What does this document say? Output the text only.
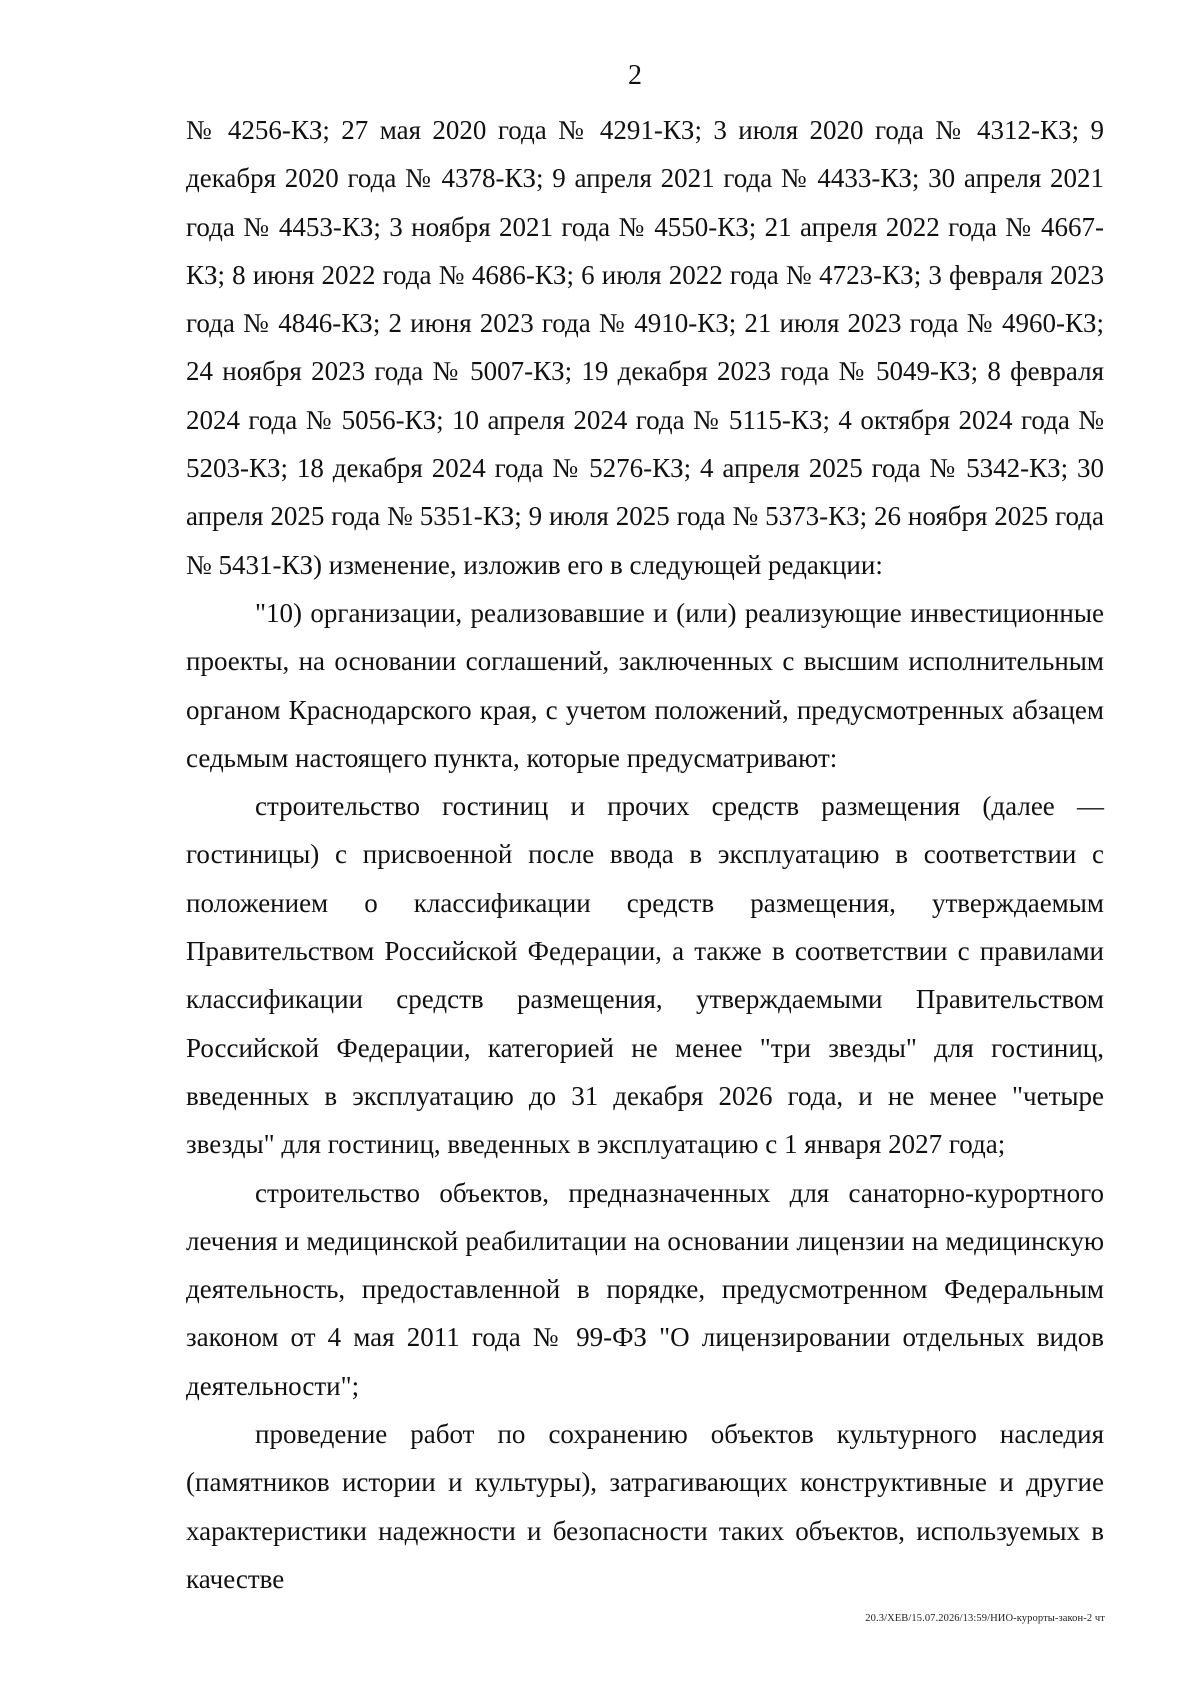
2

№ 4256-КЗ; 27 мая 2020 года № 4291-КЗ; 3 июля 2020 года № 4312-КЗ; 9 декабря 2020 года № 4378-КЗ; 9 апреля 2021 года № 4433-КЗ; 30 апреля 2021 года № 4453-КЗ; 3 ноября 2021 года № 4550-КЗ; 21 апреля 2022 года № 4667-КЗ; 8 июня 2022 года № 4686-КЗ; 6 июля 2022 года № 4723-КЗ; 3 февраля 2023 года № 4846-КЗ; 2 июня 2023 года № 4910-КЗ; 21 июля 2023 года № 4960-КЗ; 24 ноября 2023 года № 5007-КЗ; 19 декабря 2023 года № 5049-КЗ; 8 февраля 2024 года № 5056-КЗ; 10 апреля 2024 года № 5115-КЗ; 4 октября 2024 года № 5203-КЗ; 18 декабря 2024 года № 5276-КЗ; 4 апреля 2025 года № 5342-КЗ; 30 апреля 2025 года № 5351-КЗ; 9 июля 2025 года № 5373-КЗ; 26 ноября 2025 года № 5431-КЗ) изменение, изложив его в следующей редакции:

"10) организации, реализовавшие и (или) реализующие инвестиционные проекты, на основании соглашений, заключенных с высшим исполнительным органом Краснодарского края, с учетом положений, предусмотренных абзацем седьмым настоящего пункта, которые предусматривают:

строительство гостиниц и прочих средств размещения (далее — гостиницы) с присвоенной после ввода в эксплуатацию в соответствии с положением о классификации средств размещения, утверждаемым Правительством Российской Федерации, а также в соответствии с правилами классификации средств размещения, утверждаемыми Правительством Российской Федерации, категорией не менее "три звезды" для гостиниц, введенных в эксплуатацию до 31 декабря 2026 года, и не менее "четыре звезды" для гостиниц, введенных в эксплуатацию с 1 января 2027 года;

строительство объектов, предназначенных для санаторно-курортного лечения и медицинской реабилитации на основании лицензии на медицинскую деятельность, предоставленной в порядке, предусмотренном Федеральным законом от 4 мая 2011 года № 99-ФЗ "О лицензировании отдельных видов деятельности";

проведение работ по сохранению объектов культурного наследия (памятников истории и культуры), затрагивающих конструктивные и другие характеристики надежности и безопасности таких объектов, используемых в качестве

20.3/ХЕВ/15.07.2026/13:59/НИО-курорты-закон-2 чт
